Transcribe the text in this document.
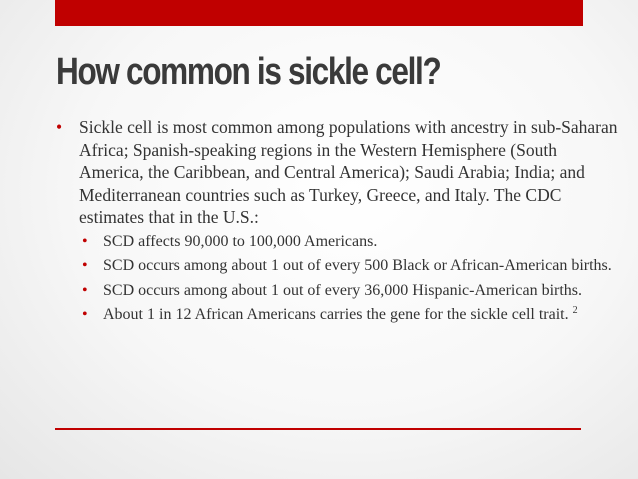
How common is sickle cell?
• Sickle cell is most common among populations with ancestry in sub-Saharan Africa; Spanish-speaking regions in the Western Hemisphere (South America, the Caribbean, and Central America); Saudi Arabia; India; and Mediterranean countries such as Turkey, Greece, and Italy. The CDC estimates that in the U.S.:
• SCD affects 90,000 to 100,000 Americans.
• SCD occurs among about 1 out of every 500 Black or African-American births.
• SCD occurs among about 1 out of every 36,000 Hispanic-American births.
• About 1 in 12 African Americans carries the gene for the sickle cell trait. $^2$
